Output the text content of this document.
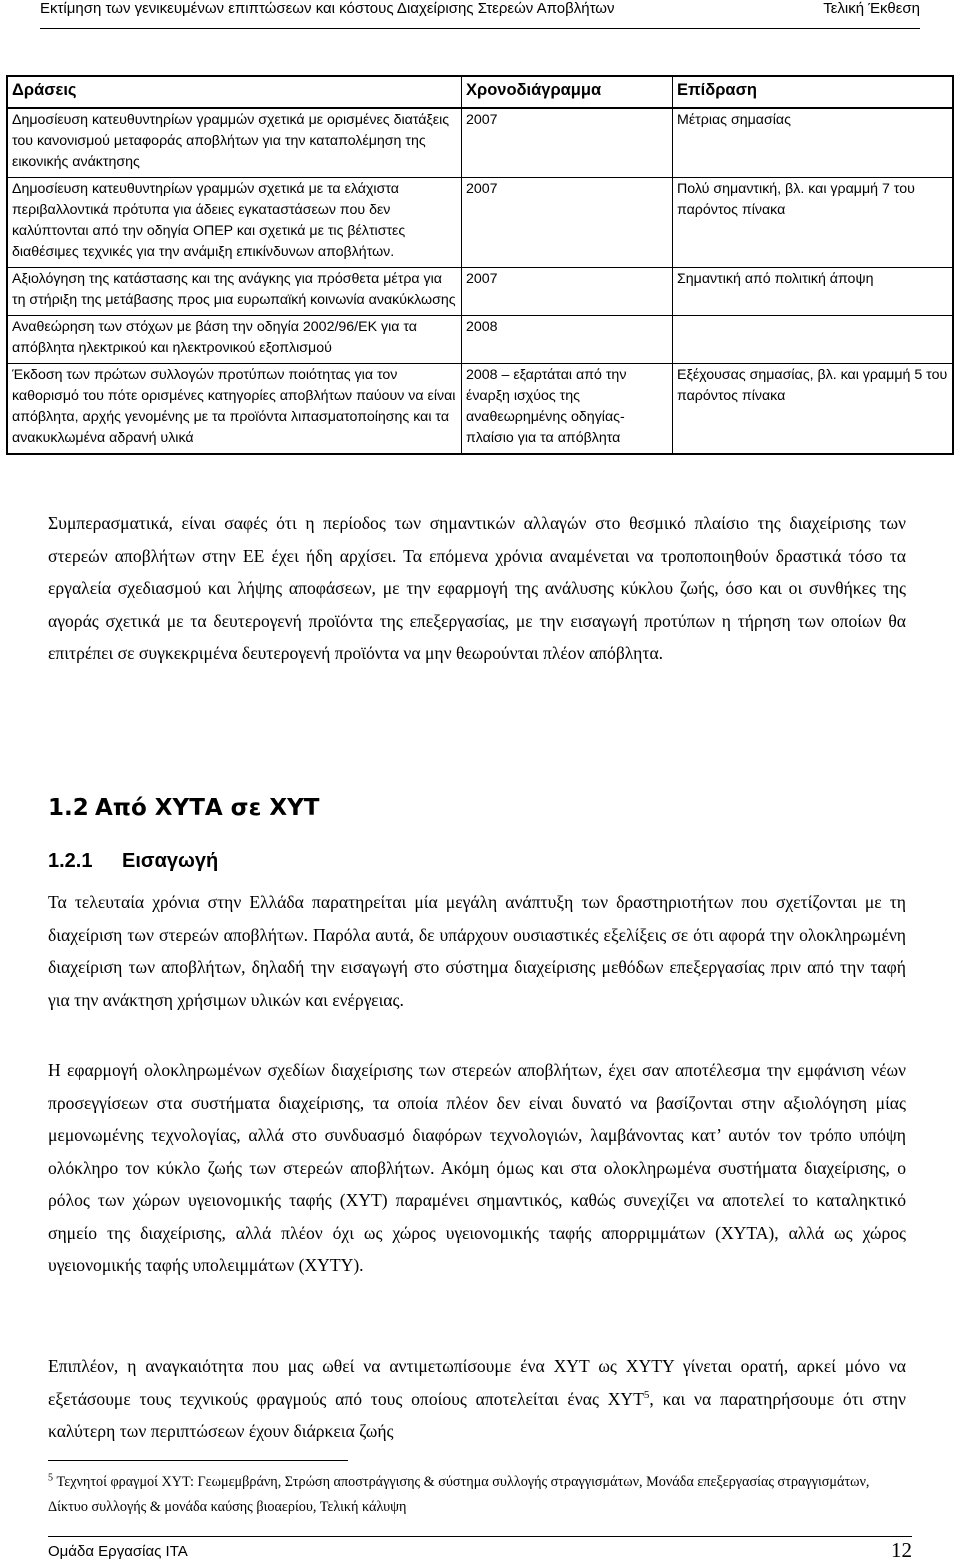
Εκτίμηση των γενικευμένων επιπτώσεων και κόστους Διαχείρισης Στερεών Αποβλήτων	Τελική Έκθεση
Δράσεις	Χρονοδιάγραμμα	Επίδραση
Δημοσίευση κατευθυντηρίων γραμμών σχετικά με ορισμένες διατάξεις του κανονισμού μεταφοράς αποβλήτων για την καταπολέμηση της εικονικής ανάκτησης	2007	Μέτριας σημασίας
Δημοσίευση κατευθυντηρίων γραμμών σχετικά με τα ελάχιστα περιβαλλοντικά πρότυπα για άδειες εγκαταστάσεων που δεν καλύπτονται από την οδηγία ΟΠΕΡ και σχετικά με τις βέλτιστες διαθέσιμες τεχνικές για την ανάμιξη επικίνδυνων αποβλήτων.	2007	Πολύ σημαντική, βλ. και γραμμή 7 του παρόντος πίνακα
Αξιολόγηση της κατάστασης και της ανάγκης για πρόσθετα μέτρα για τη στήριξη της μετάβασης προς μια ευρωπαϊκή κοινωνία ανακύκλωσης	2007	Σημαντική από πολιτική άποψη
Αναθεώρηση των στόχων με βάση την οδηγία 2002/96/ΕΚ για τα απόβλητα ηλεκτρικού και ηλεκτρονικού εξοπλισμού	2008	
Έκδοση των πρώτων συλλογών προτύπων ποιότητας για τον καθορισμό του πότε ορισμένες κατηγορίες αποβλήτων παύουν να είναι απόβλητα, αρχής γενομένης με τα προϊόντα λιπασματοποίησης και τα ανακυκλωμένα αδρανή υλικά	2008 – εξαρτάται από την έναρξη ισχύος της αναθεωρημένης οδηγίας-πλαίσιο για τα απόβλητα	Εξέχουσας σημασίας, βλ. και γραμμή 5 του παρόντος πίνακα

Συμπερασματικά, είναι σαφές ότι η περίοδος των σημαντικών αλλαγών στο θεσμικό πλαίσιο της διαχείρισης των στερεών αποβλήτων στην ΕΕ έχει ήδη αρχίσει. Τα επόμενα χρόνια αναμένεται να τροποποιηθούν δραστικά τόσο τα εργαλεία σχεδιασμού και λήψης αποφάσεων, με την εφαρμογή της ανάλυσης κύκλου ζωής, όσο και οι συνθήκες της αγοράς σχετικά με τα δευτερογενή προϊόντα της επεξεργασίας, με την εισαγωγή προτύπων η τήρηση των οποίων θα επιτρέπει σε συγκεκριμένα δευτερογενή προϊόντα να μην θεωρούνται πλέον απόβλητα.

1.2 Από ΧΥΤΑ σε ΧΥΤ
1.2.1 Εισαγωγή

Τα τελευταία χρόνια στην Ελλάδα παρατηρείται μία μεγάλη ανάπτυξη των δραστηριοτήτων που σχετίζονται με τη διαχείριση των στερεών αποβλήτων. Παρόλα αυτά, δε υπάρχουν ουσιαστικές εξελίξεις σε ότι αφορά την ολοκληρωμένη διαχείριση των αποβλήτων, δηλαδή την εισαγωγή στο σύστημα διαχείρισης μεθόδων επεξεργασίας πριν από την ταφή για την ανάκτηση χρήσιμων υλικών και ενέργειας.

Η εφαρμογή ολοκληρωμένων σχεδίων διαχείρισης των στερεών αποβλήτων, έχει σαν αποτέλεσμα την εμφάνιση νέων προσεγγίσεων στα συστήματα διαχείρισης, τα οποία πλέον δεν είναι δυνατό να βασίζονται στην αξιολόγηση μίας μεμονωμένης τεχνολογίας, αλλά στο συνδυασμό διαφόρων τεχνολογιών, λαμβάνοντας κατ’ αυτόν τον τρόπο υπόψη ολόκληρο τον κύκλο ζωής των στερεών αποβλήτων. Ακόμη όμως και στα ολοκληρωμένα συστήματα διαχείρισης, ο ρόλος των χώρων υγειονομικής ταφής (ΧΥΤ) παραμένει σημαντικός, καθώς συνεχίζει να αποτελεί το καταληκτικό σημείο της διαχείρισης, αλλά πλέον όχι ως χώρος υγειονομικής ταφής απορριμμάτων (ΧΥΤΑ), αλλά ως χώρος υγειονομικής ταφής υπολειμμάτων (ΧΥΤΥ).

Επιπλέον, η αναγκαιότητα που μας ωθεί να αντιμετωπίσουμε ένα ΧΥΤ ως ΧΥΤΥ γίνεται ορατή, αρκεί μόνο να εξετάσουμε τους τεχνικούς φραγμούς από τους οποίους αποτελείται ένας ΧΥΤ$^5$, και να παρατηρήσουμε ότι στην καλύτερη των περιπτώσεων έχουν διάρκεια ζωής

$^5$ Τεχνητοί φραγμοί ΧΥΤ: Γεωμεμβράνη, Στρώση αποστράγγισης & σύστημα συλλογής στραγγισμάτων, Μονάδα επεξεργασίας στραγγισμάτων, Δίκτυο συλλογής & μονάδα καύσης βιοαερίου, Τελική κάλυψη

Ομάδα Εργασίας ΙΤΑ	12
